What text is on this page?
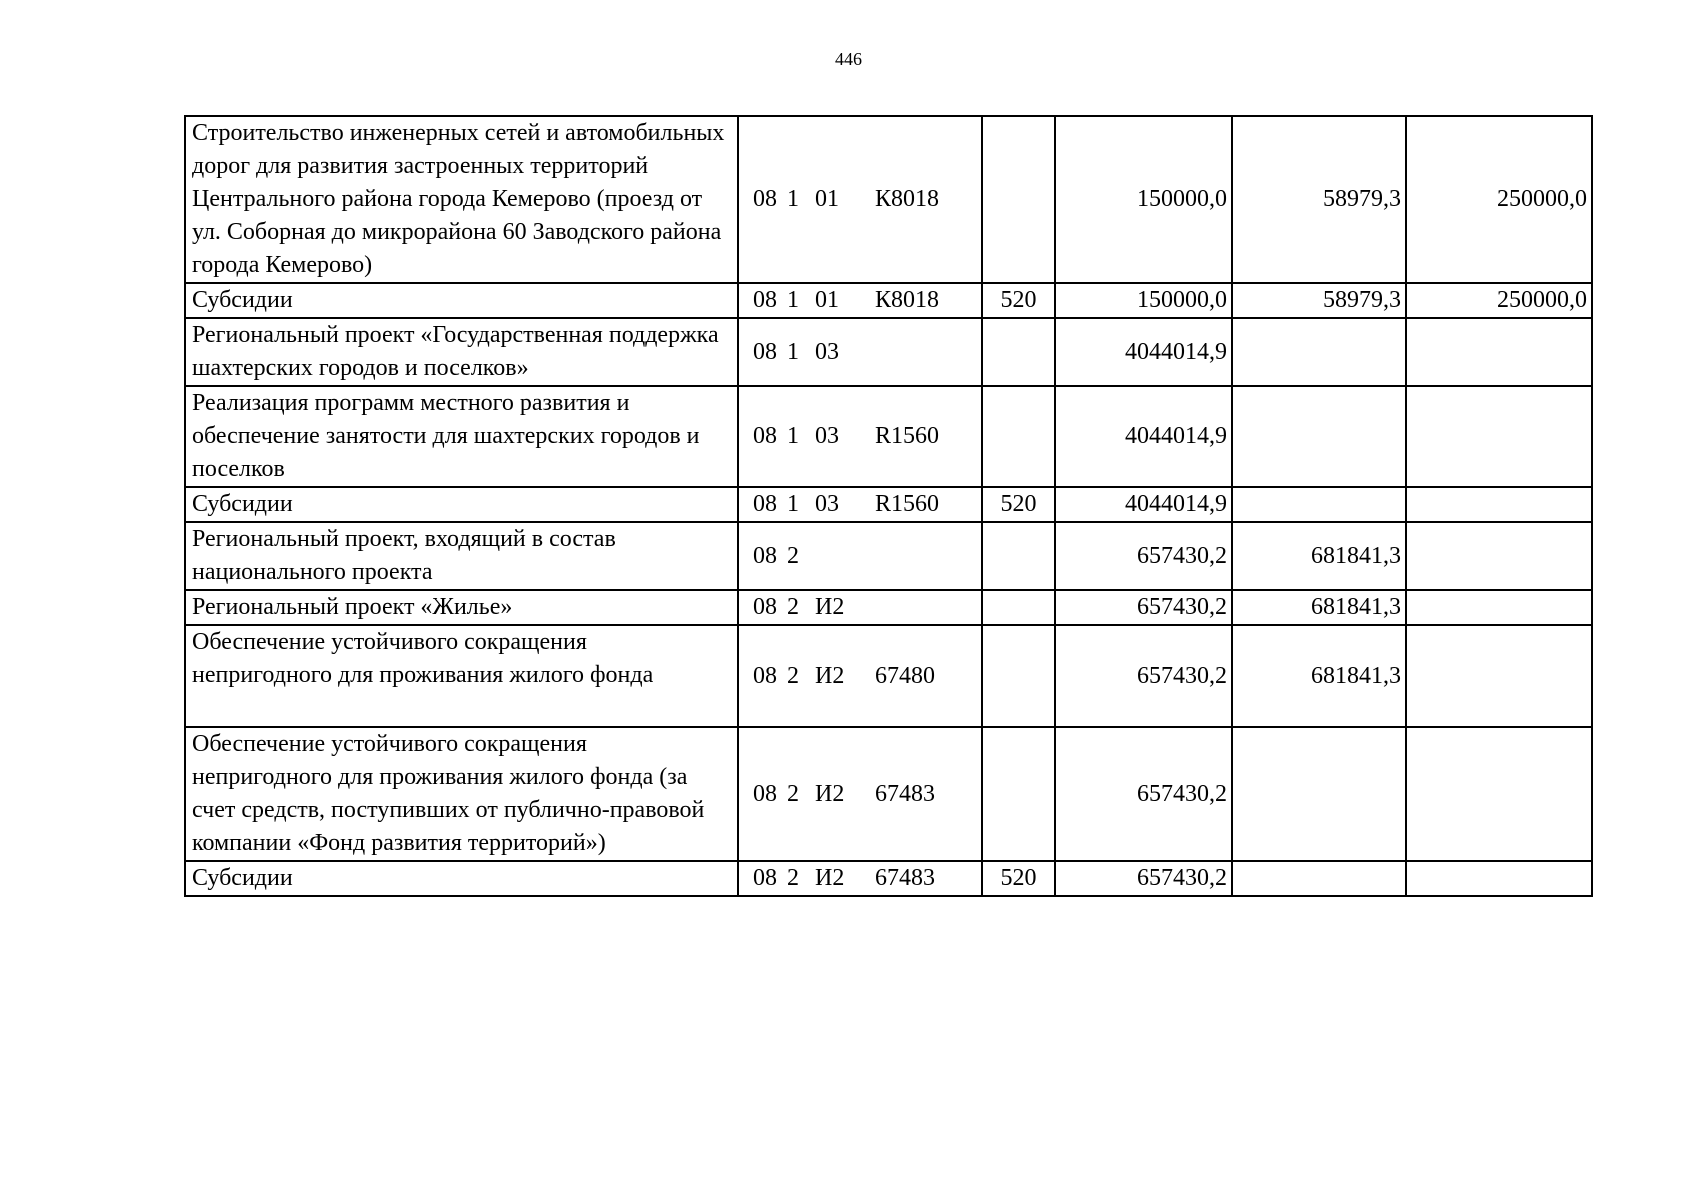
446
Строительство инженерных сетей и автомобильных дорог для развития застроенных территорий Центрального района города Кемерово (проезд от ул. Соборная до микрорайона 60 Заводского района города Кемерово)	08 1 01 К8018		150000,0	58979,3	250000,0
Субсидии	08 1 01 К8018	520	150000,0	58979,3	250000,0
Региональный проект «Государственная поддержка шахтерских городов и поселков»	08 1 03		4044014,9		
Реализация программ местного развития и обеспечение занятости для шахтерских городов и поселков	08 1 03 R1560		4044014,9		
Субсидии	08 1 03 R1560	520	4044014,9		
Региональный проект, входящий в состав национального проекта	08 2		657430,2	681841,3	
Региональный проект «Жилье»	08 2 И2		657430,2	681841,3	
Обеспечение устойчивого сокращения непригодного для проживания жилого фонда	08 2 И2 67480		657430,2	681841,3	
Обеспечение устойчивого сокращения непригодного для проживания жилого фонда (за счет средств, поступивших от публично-правовой компании «Фонд развития территорий»)	08 2 И2 67483		657430,2		
Субсидии	08 2 И2 67483	520	657430,2		
